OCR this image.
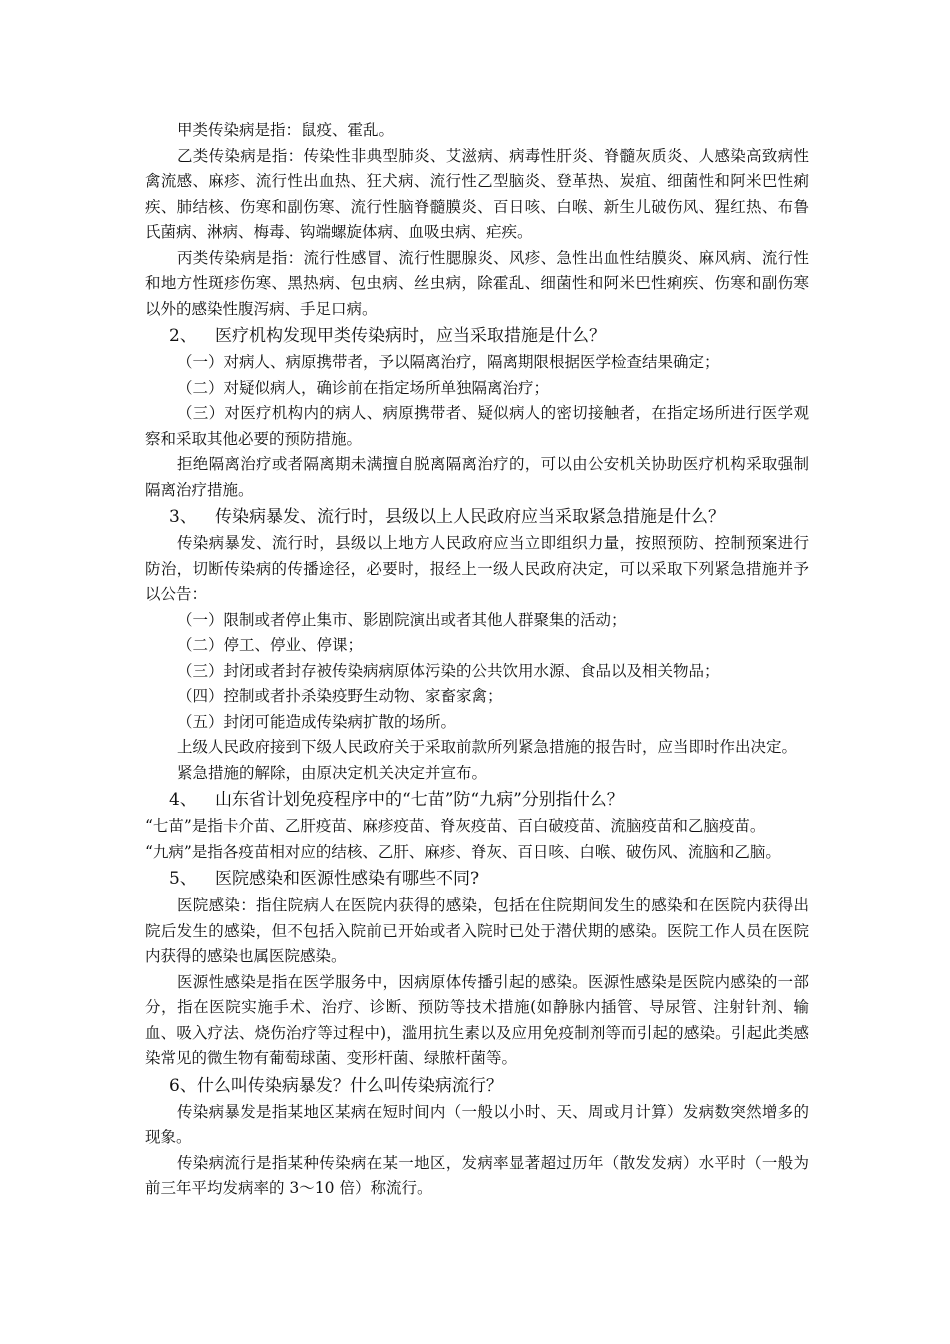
甲类传染病是指：鼠疫、霍乱。

乙类传染病是指：传染性非典型肺炎、艾滋病、病毒性肝炎、脊髓灰质炎、人感染高致病性禽流感、麻疹、流行性出血热、狂犬病、流行性乙型脑炎、登革热、炭疽、细菌性和阿米巴性痢疾、肺结核、伤寒和副伤寒、流行性脑脊髓膜炎、百日咳、白喉、新生儿破伤风、猩红热、布鲁氏菌病、淋病、梅毒、钩端螺旋体病、血吸虫病、疟疾。

丙类传染病是指：流行性感冒、流行性腮腺炎、风疹、急性出血性结膜炎、麻风病、流行性和地方性斑疹伤寒、黑热病、包虫病、丝虫病，除霍乱、细菌性和阿米巴性痢疾、伤寒和副伤寒以外的感染性腹泻病、手足口病。

2、 医疗机构发现甲类传染病时，应当采取措施是什么？

（一）对病人、病原携带者，予以隔离治疗，隔离期限根据医学检查结果确定；

（二）对疑似病人，确诊前在指定场所单独隔离治疗；

（三）对医疗机构内的病人、病原携带者、疑似病人的密切接触者，在指定场所进行医学观察和采取其他必要的预防措施。

拒绝隔离治疗或者隔离期未满擅自脱离隔离治疗的，可以由公安机关协助医疗机构采取强制隔离治疗措施。

3、 传染病暴发、流行时，县级以上人民政府应当采取紧急措施是什么？

传染病暴发、流行时，县级以上地方人民政府应当立即组织力量，按照预防、控制预案进行防治，切断传染病的传播途径，必要时，报经上一级人民政府决定，可以采取下列紧急措施并予以公告：

（一）限制或者停止集市、影剧院演出或者其他人群聚集的活动；

（二）停工、停业、停课；

（三）封闭或者封存被传染病病原体污染的公共饮用水源、食品以及相关物品；

（四）控制或者扑杀染疫野生动物、家畜家禽；

（五）封闭可能造成传染病扩散的场所。

上级人民政府接到下级人民政府关于采取前款所列紧急措施的报告时，应当即时作出决定。

紧急措施的解除，由原决定机关决定并宣布。

4、 山东省计划免疫程序中的“七苗”防“九病”分别指什么？

“七苗”是指卡介苗、乙肝疫苗、麻疹疫苗、脊灰疫苗、百白破疫苗、流脑疫苗和乙脑疫苗。

“九病”是指各疫苗相对应的结核、乙肝、麻疹、脊灰、百日咳、白喉、破伤风、流脑和乙脑。

5、 医院感染和医源性感染有哪些不同?

医院感染：指住院病人在医院内获得的感染，包括在住院期间发生的感染和在医院内获得出院后发生的感染，但不包括入院前已开始或者入院时已处于潜伏期的感染。医院工作人员在医院内获得的感染也属医院感染。

医源性感染是指在医学服务中，因病原体传播引起的感染。医源性感染是医院内感染的一部分，指在医院实施手术、治疗、诊断、预防等技术措施(如静脉内插管、导尿管、注射针剂、输血、吸入疗法、烧伤治疗等过程中)，滥用抗生素以及应用免疫制剂等而引起的感染。引起此类感染常见的微生物有葡萄球菌、变形杆菌、绿脓杆菌等。

6、什么叫传染病暴发？什么叫传染病流行？

传染病暴发是指某地区某病在短时间内（一般以小时、天、周或月计算）发病数突然增多的现象。

传染病流行是指某种传染病在某一地区，发病率显著超过历年（散发发病）水平时（一般为前三年平均发病率的 3～10 倍）称流行。
